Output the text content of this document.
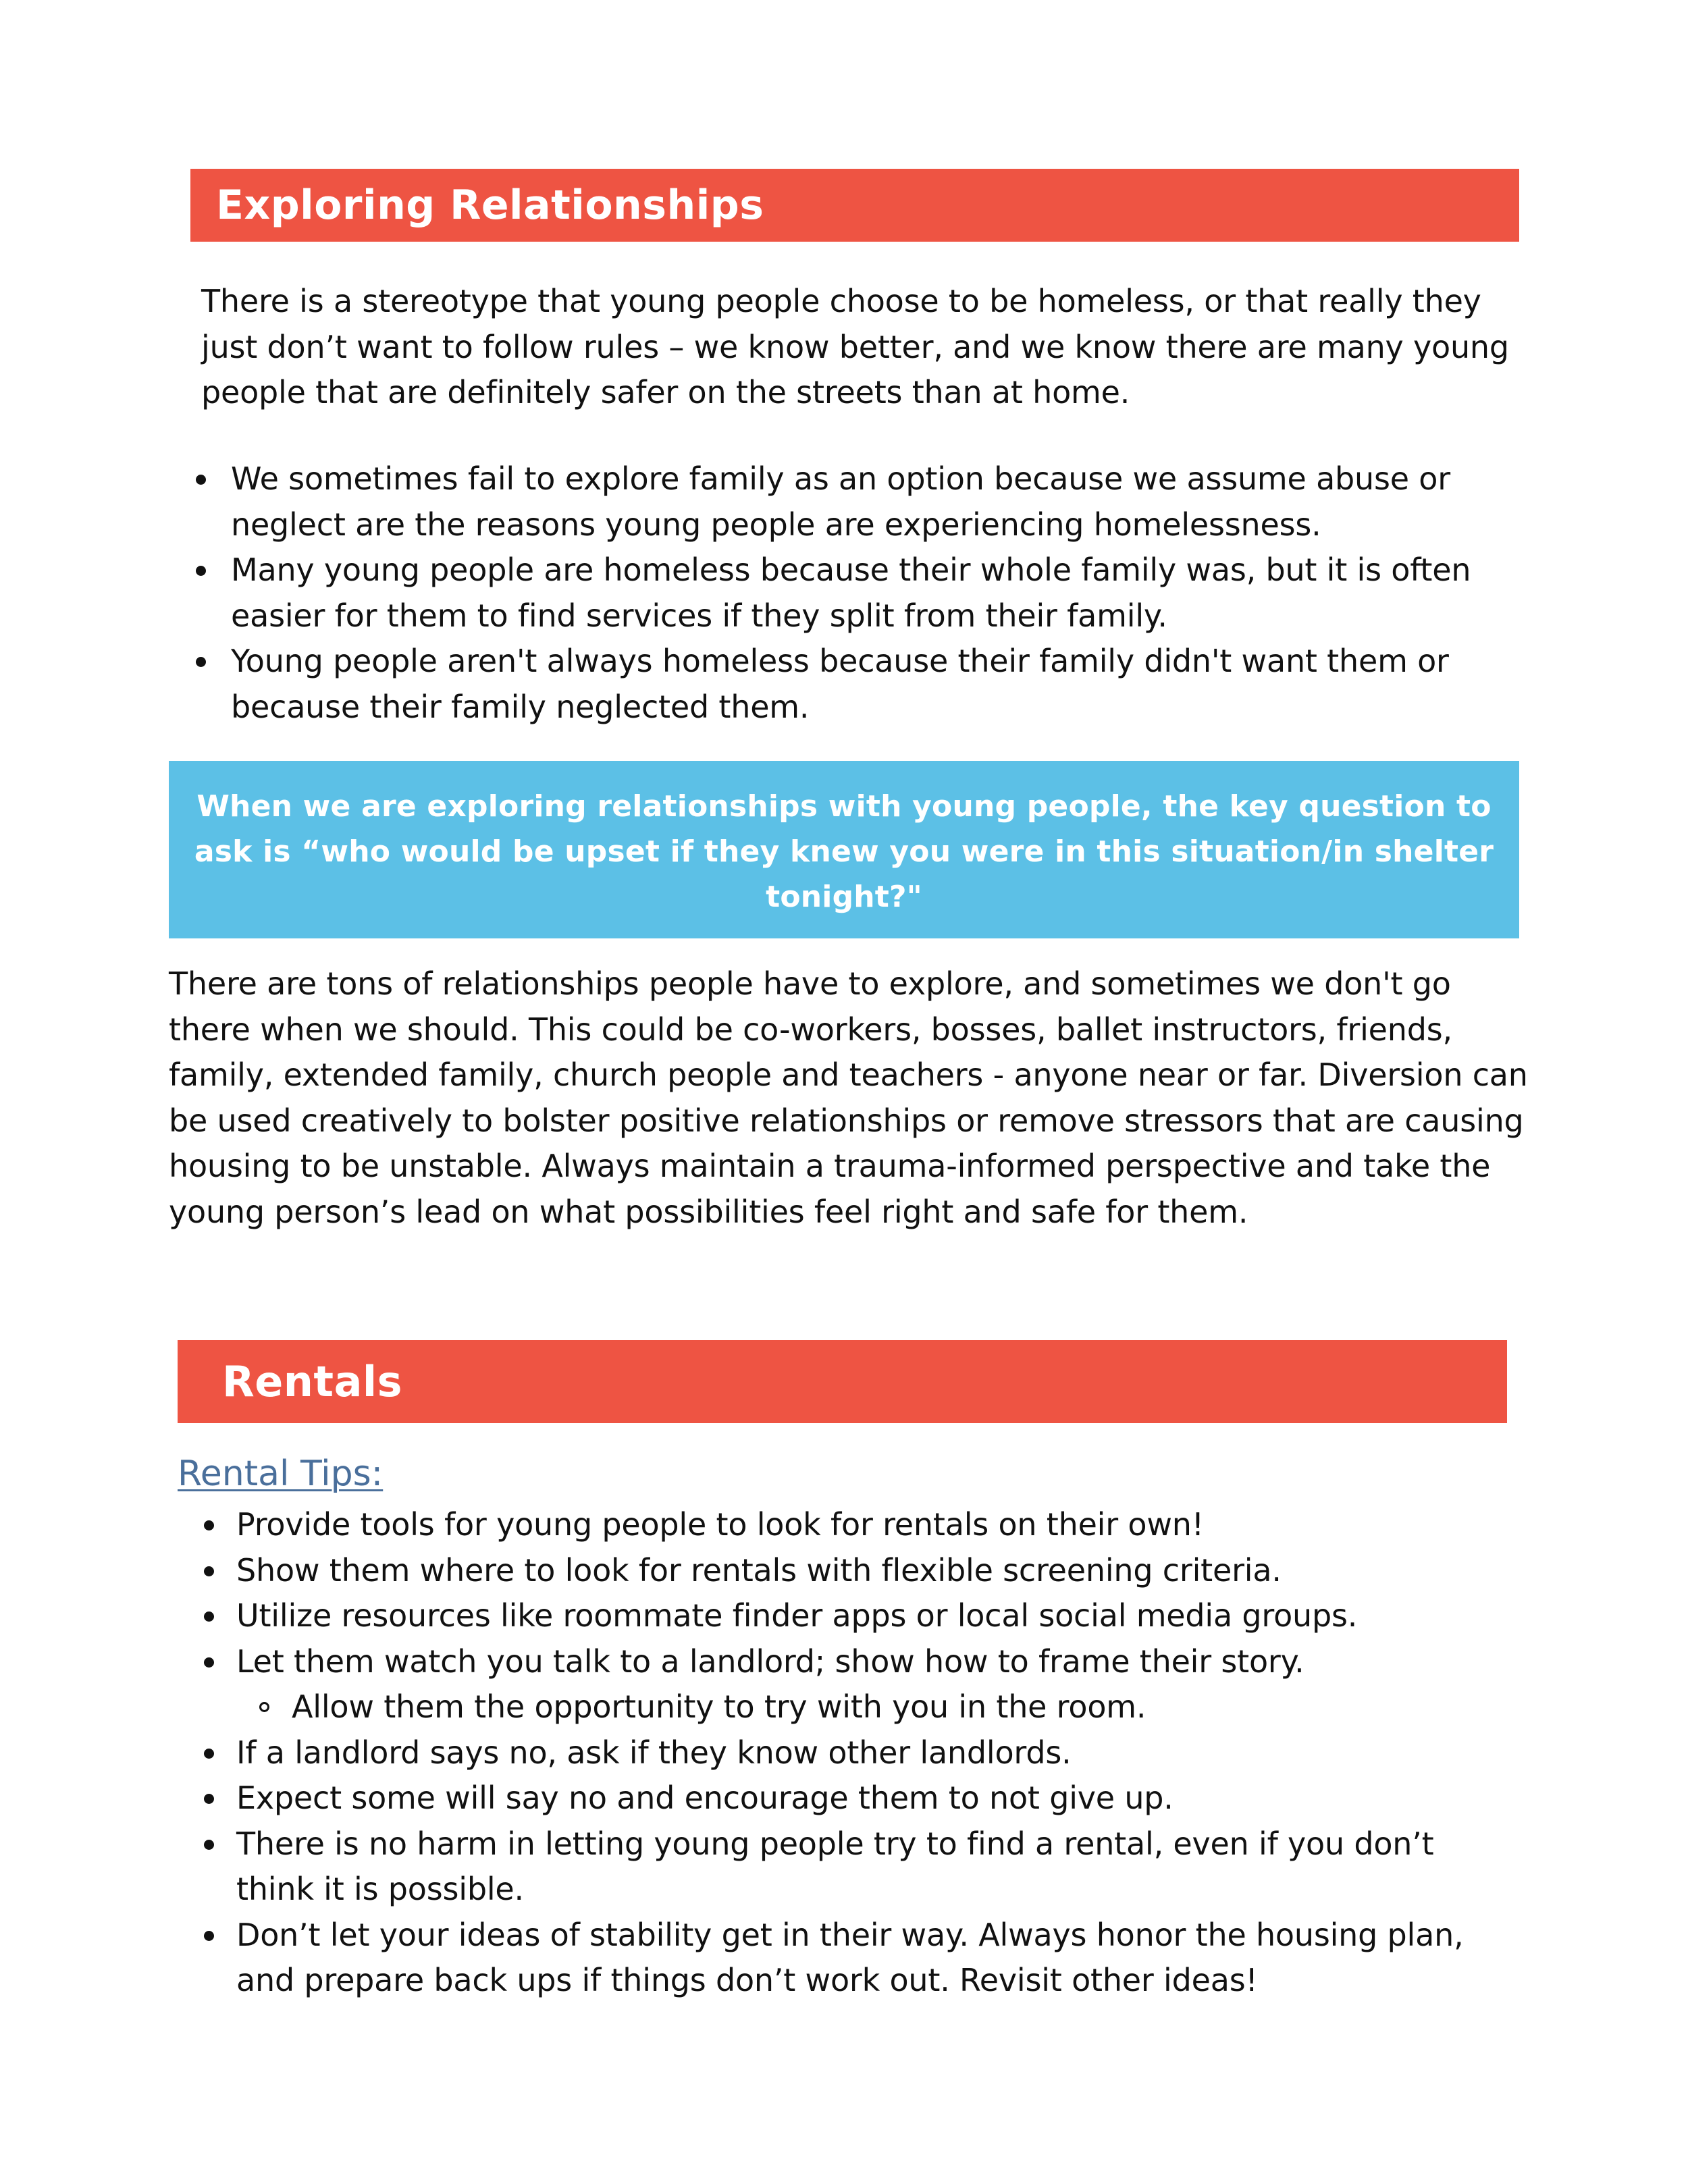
Exploring Relationships

There is a stereotype that young people choose to be homeless, or that really they just don’t want to follow rules – we know better, and we know there are many young people that are definitely safer on the streets than at home.

We sometimes fail to explore family as an option because we assume abuse or neglect are the reasons young people are experiencing homelessness.
Many young people are homeless because their whole family was, but it is often easier for them to find services if they split from their family.
Young people aren't always homeless because their family didn't want them or because their family neglected them.
When we are exploring relationships with young people, the key question to ask is “who would be upset if they knew you were in this situation/in shelter tonight?"

There are tons of relationships people have to explore, and sometimes we don't go there when we should. This could be co-workers, bosses, ballet instructors, friends, family, extended family, church people and teachers - anyone near or far. Diversion can be used creatively to bolster positive relationships or remove stressors that are causing housing to be unstable. Always maintain a trauma-informed perspective and take the young person’s lead on what possibilities feel right and safe for them.

Rentals
Rental Tips:
Provide tools for young people to look for rentals on their own!
Show them where to look for rentals with flexible screening criteria.
Utilize resources like roommate finder apps or local social media groups.
Let them watch you talk to a landlord; show how to frame their story.
Allow them the opportunity to try with you in the room.
If a landlord says no, ask if they know other landlords.
Expect some will say no and encourage them to not give up.
There is no harm in letting young people try to find a rental, even if you don’t think it is possible.
Don’t let your ideas of stability get in their way. Always honor the housing plan, and prepare back ups if things don’t work out. Revisit other ideas!
